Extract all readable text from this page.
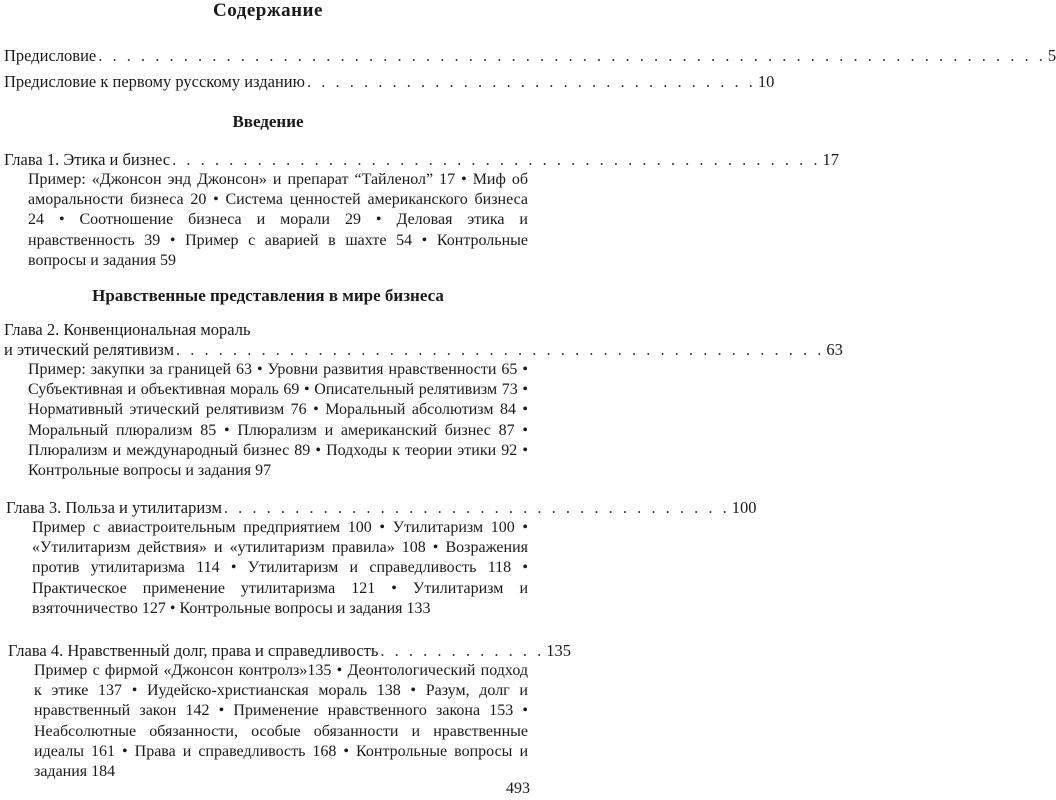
Содержание
Предисловие . . . . . . . . . . . . . . . . . . . . . . . . . . . . . . . . . . . . . . . . . . . . . . . . . . . . . . . . . . . . . . . . . . . 5
Предисловие к первому русскому изданию . . . . . . . . . . . . . . . . . . . . . . . . . . . . . . . . 10
Введение
Глава 1. Этика и бизнес . . . . . . . . . . . . . . . . . . . . . . . . . . . . . . . . . . . . . . . . . . . . . . 17
Пример: «Джонсон энд Джонсон» и препарат “Тайленол” 17 • Миф об аморальности бизнеса 20 • Система ценностей американского бизнеса 24 • Соотношение бизнеса и морали 29 • Деловая этика и нравственность 39 • Пример с аварией в шахте 54 • Контрольные вопросы и задания 59
Нравственные представления в мире бизнеса
Глава 2. Конвенциональная мораль
и этический релятивизм . . . . . . . . . . . . . . . . . . . . . . . . . . . . . . . . . . . . . . . . . . . . . . 63
Пример: закупки за границей 63 • Уровни развития нравственности 65 • Субъективная и объективная мораль 69 • Описательный релятивизм 73 • Нормативный этический релятивизм 76 • Моральный абсолютизм 84 • Моральный плюрализм 85 • Плюрализм и американский бизнес 87 • Плюрализм и международный бизнес 89 • Подходы к теории этики 92 • Контрольные вопросы и задания 97
Глава 3. Польза и утилитаризм . . . . . . . . . . . . . . . . . . . . . . . . . . . . . . . . . . . . 100
Пример с авиастроительным предприятием 100 • Утилитаризм 100 • «Утилитаризм действия» и «утилитаризм правила» 108 • Возражения против утилитаризма 114 • Утилитаризм и справедливость 118 • Практическое применение утилитаризма 121 • Утилитаризм и взяточничество 127 • Контрольные вопросы и задания 133
Глава 4. Нравственный долг, права и справедливость . . . . . . . . . . . . 135
Пример с фирмой «Джонсон контролз»135 • Деонтологический подход к этике 137 • Иудейско-христианская мораль 138 • Разум, долг и нравственный закон 142 • Применение нравственного закона 153 • Неабсолютные обязанности, особые обязанности и нравственные идеалы 161 • Права и справедливость 168 • Контрольные вопросы и задания 184
493
